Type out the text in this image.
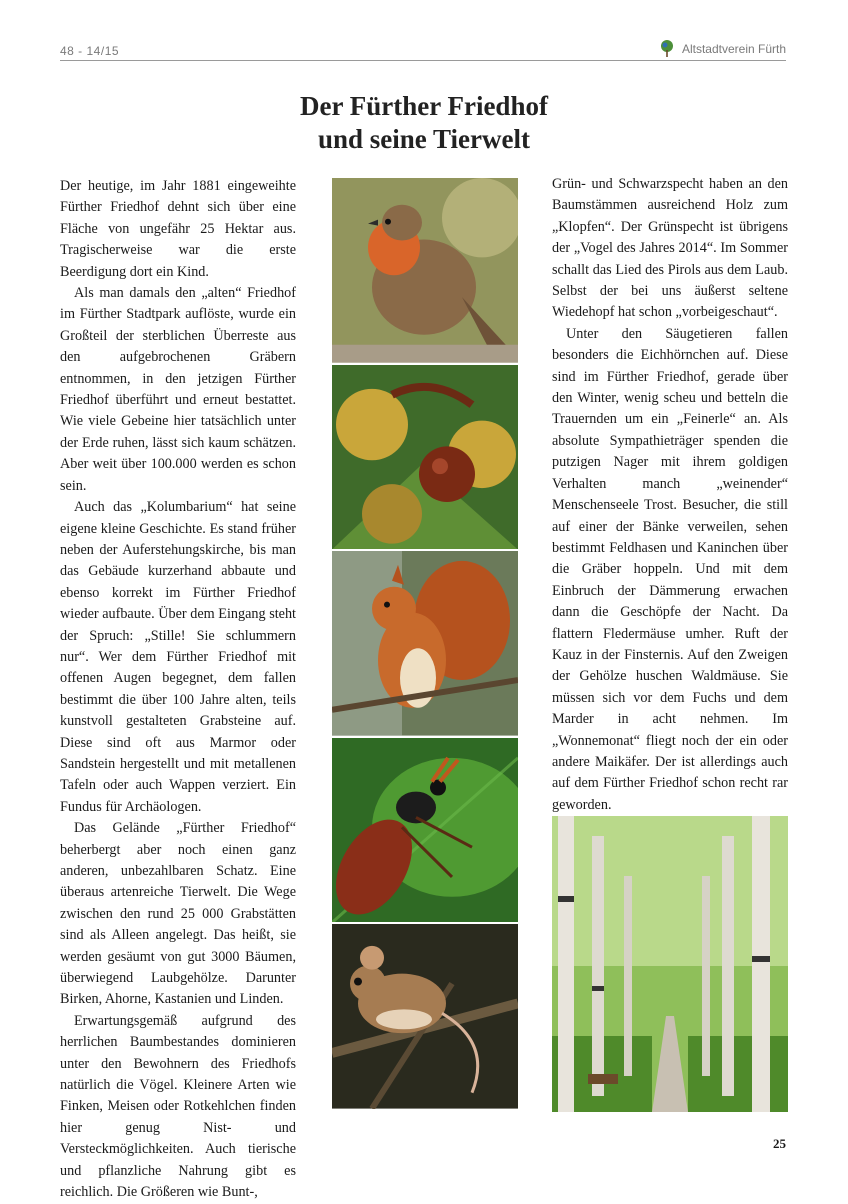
48 - 14/15	Altstadtverein Fürth
Der Fürther Friedhof
und seine Tierwelt

Der heutige, im Jahr 1881 eingeweihte Fürther Friedhof dehnt sich über eine Fläche von ungefähr 25 Hektar aus. Tragischerweise war die erste Beerdigung dort ein Kind.

Als man damals den „alten“ Friedhof im Fürther Stadtpark auflöste, wurde ein Großteil der sterblichen Überreste aus den aufgebrochenen Gräbern entnommen, in den jetzigen Fürther Friedhof überführt und erneut bestattet. Wie viele Gebeine hier tatsächlich unter der Erde ruhen, lässt sich kaum schätzen. Aber weit über 100.000 werden es schon sein.

Auch das „Kolumbarium“ hat seine eigene kleine Geschichte. Es stand früher neben der Auferstehungskirche, bis man das Gebäude kurzerhand abbaute und ebenso korrekt im Fürther Friedhof wieder aufbaute. Über dem Eingang steht der Spruch: „Stille! Sie schlummern nur“. Wer dem Fürther Friedhof mit offenen Augen begegnet, dem fallen bestimmt die über 100 Jahre alten, teils kunstvoll gestalteten Grabsteine auf. Diese sind oft aus Marmor oder Sandstein hergestellt und mit metallenen Tafeln oder auch Wappen verziert. Ein Fundus für Archäologen.

Das Gelände „Fürther Friedhof“ beherbergt aber noch einen ganz anderen, unbezahlbaren Schatz. Eine überaus artenreiche Tierwelt. Die Wege zwischen den rund 25 000 Grabstätten sind als Alleen angelegt. Das heißt, sie werden gesäumt von gut 3000 Bäumen, überwiegend Laubgehölze. Darunter Birken, Ahorne, Kastanien und Linden.

Erwartungsgemäß aufgrund des herrlichen Baumbestandes dominieren unter den Bewohnern des Friedhofs natürlich die Vögel. Kleinere Arten wie Finken, Meisen oder Rotkehlchen finden hier genug Nist- und Versteckmöglichkeiten. Auch tierische und pflanzliche Nahrung gibt es reichlich. Die Größeren wie Bunt-,

Grün- und Schwarzspecht haben an den Baumstämmen ausreichend Holz zum „Klopfen“. Der Grünspecht ist übrigens der „Vogel des Jahres 2014“. Im Sommer schallt das Lied des Pirols aus dem Laub. Selbst der bei uns äußerst seltene Wiedehopf hat schon „vorbeigeschaut“.

Unter den Säugetieren fallen besonders die Eichhörnchen auf. Diese sind im Fürther Friedhof, gerade über den Winter, wenig scheu und betteln die Trauernden um ein „Feinerle“ an. Als absolute Sympathieträger spenden die putzigen Nager mit ihrem goldigen Verhalten manch „weinender“ Menschenseele Trost. Besucher, die still auf einer der Bänke verweilen, sehen bestimmt Feldhasen und Kaninchen über die Gräber hoppeln. Und mit dem Einbruch der Dämmerung erwachen dann die Geschöpfe der Nacht. Da flattern Fledermäuse umher. Ruft der Kauz in der Finsternis. Auf den Zweigen der Gehölze huschen Waldmäuse. Sie müssen sich vor dem Fuchs und dem Marder in acht nehmen. Im „Wonnemonat“ fliegt noch der ein oder andere Maikäfer. Der ist allerdings auch auf dem Fürther Friedhof schon recht rar geworden.

25
